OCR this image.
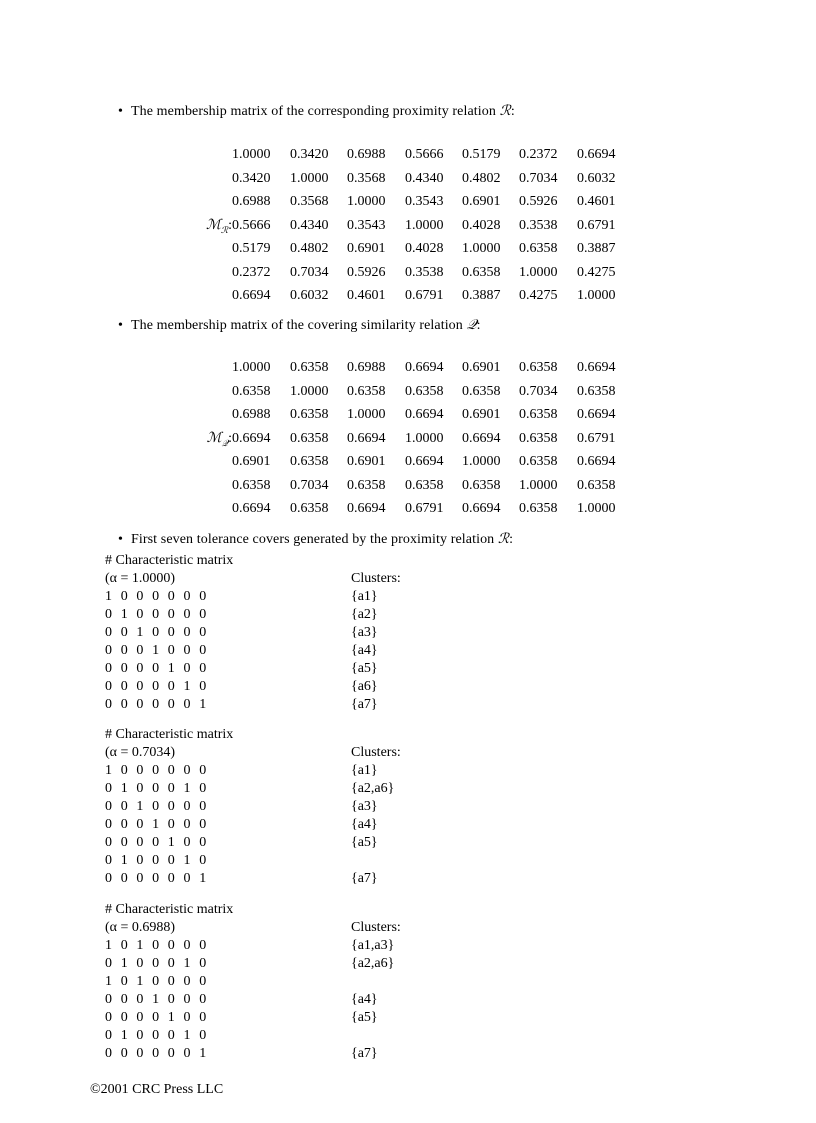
• The membership matrix of the corresponding proximity relation ℛ:
1.0000	0.3420	0.6988	0.5666	0.5179	0.2372	0.6694
0.3420	1.0000	0.3568	0.4340	0.4802	0.7034	0.6032
0.6988	0.3568	1.0000	0.3543	0.6901	0.5926	0.4601
ℳ$_ℛ$: 0.5666	0.4340	0.3543	1.0000	0.4028	0.3538	0.6791
0.5179	0.4802	0.6901	0.4028	1.0000	0.6358	0.3887
0.2372	0.7034	0.5926	0.3538	0.6358	1.0000	0.4275
0.6694	0.6032	0.4601	0.6791	0.3887	0.4275	1.0000
• The membership matrix of the covering similarity relation 𝒬:
1.0000	0.6358	0.6988	0.6694	0.6901	0.6358	0.6694
0.6358	1.0000	0.6358	0.6358	0.6358	0.7034	0.6358
0.6988	0.6358	1.0000	0.6694	0.6901	0.6358	0.6694
ℳ$_𝒬$: 0.6694	0.6358	0.6694	1.0000	0.6694	0.6358	0.6791
0.6901	0.6358	0.6901	0.6694	1.0000	0.6358	0.6694
0.6358	0.7034	0.6358	0.6358	0.6358	1.0000	0.6358
0.6694	0.6358	0.6694	0.6791	0.6694	0.6358	1.0000
• First seven tolerance covers generated by the proximity relation ℛ:
# Characteristic matrix
(α = 1.0000)	Clusters:
1 0 0 0 0 0 0	{a1}
0 1 0 0 0 0 0	{a2}
0 0 1 0 0 0 0	{a3}
0 0 0 1 0 0 0	{a4}
0 0 0 0 1 0 0	{a5}
0 0 0 0 0 1 0	{a6}
0 0 0 0 0 0 1	{a7}
# Characteristic matrix
(α = 0.7034)	Clusters:
1 0 0 0 0 0 0	{a1}
0 1 0 0 0 1 0	{a2,a6}
0 0 1 0 0 0 0	{a3}
0 0 0 1 0 0 0	{a4}
0 0 0 0 1 0 0	{a5}
0 1 0 0 0 1 0
0 0 0 0 0 0 1	{a7}
# Characteristic matrix
(α = 0.6988)	Clusters:
1 0 1 0 0 0 0	{a1,a3}
0 1 0 0 0 1 0	{a2,a6}
1 0 1 0 0 0 0
0 0 0 1 0 0 0	{a4}
0 0 0 0 1 0 0	{a5}
0 1 0 0 0 1 0
0 0 0 0 0 0 1	{a7}
©2001 CRC Press LLC
